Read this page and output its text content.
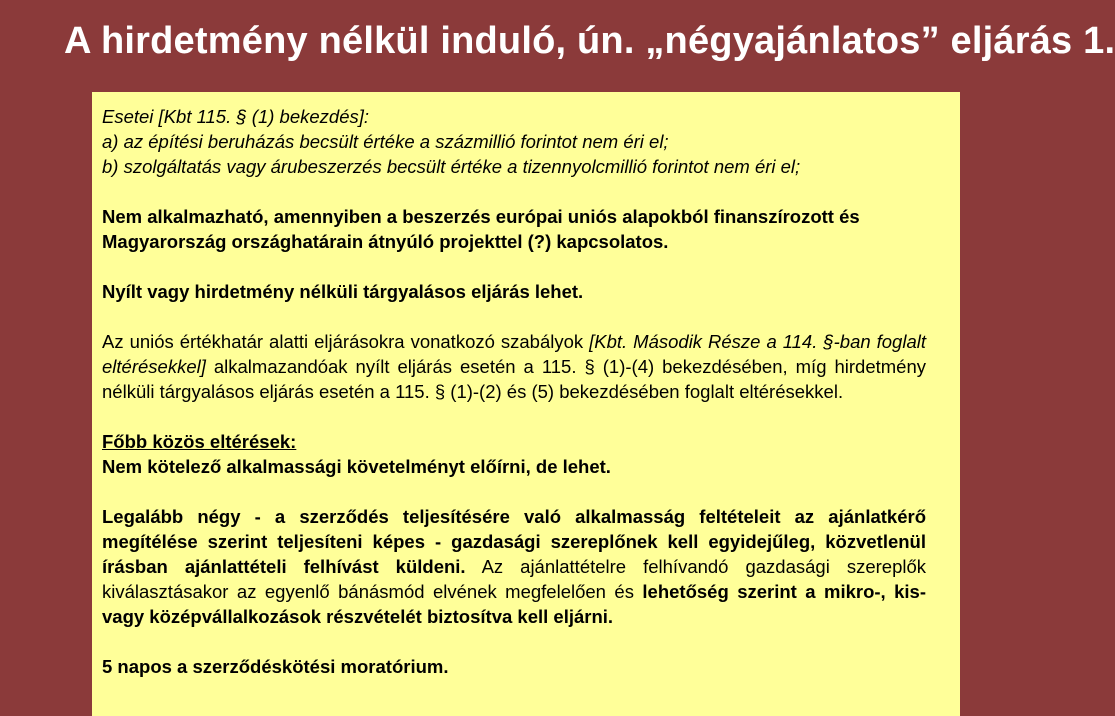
A hirdetmény nélkül induló, ún. „négyajánlatos” eljárás 1.

Esetei [Kbt 115. § (1) bekezdés]:

a) az építési beruházás becsült értéke a százmillió forintot nem éri el;

b) szolgáltatás vagy árubeszerzés becsült értéke a tizennyolcmillió forintot nem éri el;

Nem alkalmazható, amennyiben a beszerzés európai uniós alapokból finanszírozott és

Magyarország országhatárain átnyúló projekttel (?) kapcsolatos.

Nyílt vagy hirdetmény nélküli tárgyalásos eljárás lehet.

Az uniós értékhatár alatti eljárásokra vonatkozó szabályok [Kbt. Második Része a 114. §-ban foglalt eltérésekkel] alkalmazandóak nyílt eljárás esetén a 115. § (1)-(4) bekezdésében, míg hirdetmény nélküli tárgyalásos eljárás esetén a 115. § (1)-(2) és (5) bekezdésében foglalt eltérésekkel.

Főbb közös eltérések:

Nem kötelező alkalmassági követelményt előírni, de lehet.

Legalább négy - a szerződés teljesítésére való alkalmasság feltételeit az ajánlatkérő megítélése szerint teljesíteni képes - gazdasági szereplőnek kell egyidejűleg, közvetlenül írásban ajánlattételi felhívást küldeni. Az ajánlattételre felhívandó gazdasági szereplők kiválasztásakor az egyenlő bánásmód elvének megfelelően és lehetőség szerint a mikro-, kis- vagy középvállalkozások részvételét biztosítva kell eljárni.

5 napos a szerződéskötési moratórium.
